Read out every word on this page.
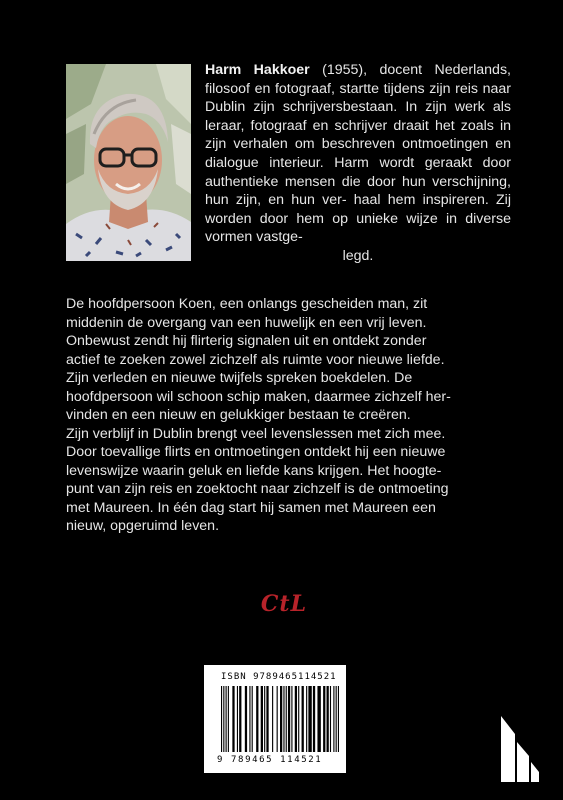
Harm Hakkoer (1955), docent Nederlands, filosoof en fotograaf, startte tijdens zijn reis naar Dublin zijn schrijversbestaan. In zijn werk als leraar, fotograaf en schrijver draait het zoals in zijn verhalen om beschreven ontmoetingen en dialogue interieur. Harm wordt geraakt door authentieke mensen die door hun verschijning, hun zijn, en hun ver- haal hem inspireren. Zij worden door hem op unieke wijze in diverse vormen vastge-
legd.

De hoofdpersoon Koen, een onlangs gescheiden man, zit
middenin de overgang van een huwelijk en een vrij leven.
Onbewust zendt hij flirterig signalen uit en ontdekt zonder
actief te zoeken zowel zichzelf als ruimte voor nieuwe liefde.
Zijn verleden en nieuwe twijfels spreken boekdelen. De
hoofdpersoon wil schoon schip maken, daarmee zichzelf her-
vinden en een nieuw en gelukkiger bestaan te creëren.
Zijn verblijf in Dublin brengt veel levenslessen met zich mee.
Door toevallige flirts en ontmoetingen ontdekt hij een nieuwe
levenswijze waarin geluk en liefde kans krijgen. Het hoogte-
punt van zijn reis en zoektocht naar zichzelf is de ontmoeting
met Maureen. In één dag start hij samen met Maureen een
nieuw, opgeruimd leven.

CtL
ISBN 9789465114521
9 789465 114521
